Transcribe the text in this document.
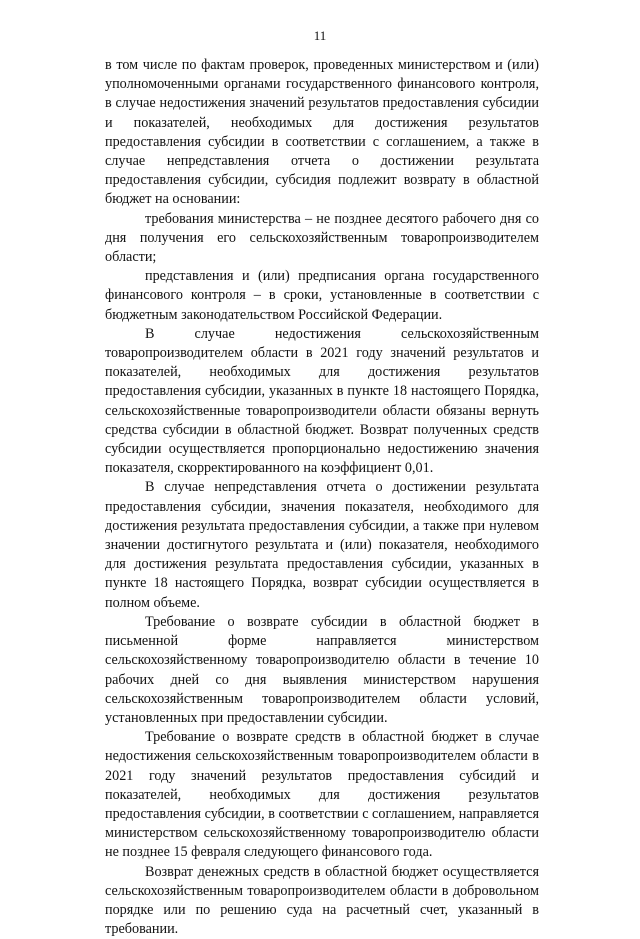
11

в том числе по фактам проверок, проведенных министерством и (или) уполномоченными органами государственного финансового контроля, в случае недостижения значений результатов предоставления субсидии и показателей, необходимых для достижения результатов предоставления субсидии в соответствии с соглашением, а также в случае непредставления отчета о достижении результата предоставления субсидии, субсидия подлежит возврату в областной бюджет на основании:

требования министерства – не позднее десятого рабочего дня со дня получения его сельскохозяйственным товаропроизводителем области;

представления и (или) предписания органа государственного финансового контроля – в сроки, установленные в соответствии с бюджетным законодательством Российской Федерации.

В случае недостижения сельскохозяйственным товаропроизводителем области в 2021 году значений результатов и показателей, необходимых для достижения результатов предоставления субсидии, указанных в пункте 18 настоящего Порядка, сельскохозяйственные товаропроизводители области обязаны вернуть средства субсидии в областной бюджет. Возврат полученных средств субсидии осуществляется пропорционально недостижению значения показателя, скорректированного на коэффициент 0,01.

В случае непредставления отчета о достижении результата предоставления субсидии, значения показателя, необходимого для достижения результата предоставления субсидии, а также при нулевом значении достигнутого результата и (или) показателя, необходимого для достижения результата предоставления субсидии, указанных в пункте 18 настоящего Порядка, возврат субсидии осуществляется в полном объеме.

Требование о возврате субсидии в областной бюджет в письменной форме направляется министерством сельскохозяйственному товаропроизводителю области в течение 10 рабочих дней со дня выявления министерством нарушения сельскохозяйственным товаропроизводителем области условий, установленных при предоставлении субсидии.

Требование о возврате средств в областной бюджет в случае недостижения сельскохозяйственным товаропроизводителем области в 2021 году значений результатов предоставления субсидий и показателей, необходимых для достижения результатов предоставления субсидии, в соответствии с соглашением, направляется министерством сельскохозяйственному товаропроизводителю области не позднее 15 февраля следующего финансового года.

Возврат денежных средств в областной бюджет осуществляется сельскохозяйственным товаропроизводителем области в добровольном порядке или по решению суда на расчетный счет, указанный в требовании.
